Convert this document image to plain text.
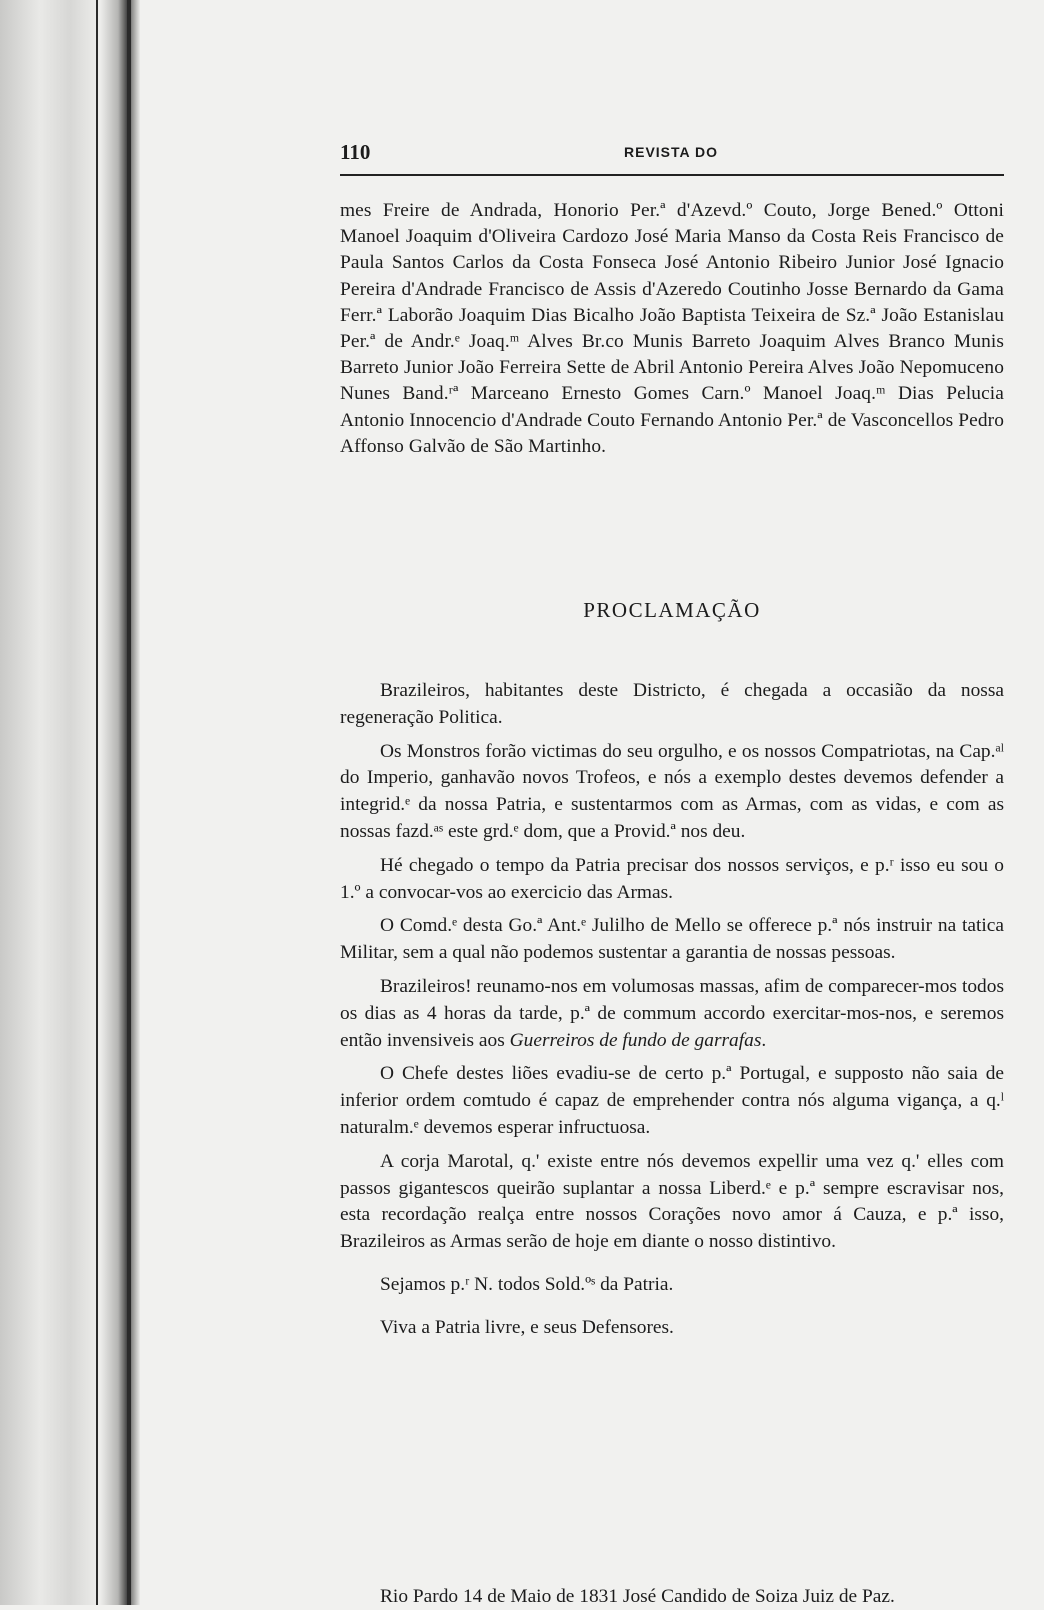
110	REVISTA DO
mes Freire de Andrada, Honorio Per.ª d'Azevd.º Couto, Jorge Bened.º Ottoni Manoel Joaquim d'Oliveira Cardozo José Maria Manso da Costa Reis Francisco de Paula Santos Carlos da Costa Fonseca José Antonio Ribeiro Junior José Ignacio Pereira d'Andrade Francisco de Assis d'Azeredo Coutinho Josse Bernardo da Gama Ferr.ª Laborão Joaquim Dias Bicalho João Baptista Teixeira de Sz.ª João Estanislau Per.ª de Andr.ᵉ Joaq.ᵐ Alves Br.co Munis Barreto Joaquim Alves Branco Munis Barreto Junior João Ferreira Sette de Abril Antonio Pereira Alves João Nepomuceno Nunes Band.ʳª Marceano Ernesto Gomes Carn.º Manoel Joaq.ᵐ Dias Pelucia Antonio Innocencio d'Andrade Couto Fernando Antonio Per.ª de Vasconcellos Pedro Affonso Galvão de São Martinho.
PROCLAMAÇÃO

Brazileiros, habitantes deste Districto, é chegada a occasião da nossa regeneração Politica.

Os Monstros forão victimas do seu orgulho, e os nossos Compatriotas, na Cap.ᵃˡ do Imperio, ganhavão novos Trofeos, e nós a exemplo destes devemos defender a integrid.ᵉ da nossa Patria, e sustentarmos com as Armas, com as vidas, e com as nossas fazd.ᵃˢ este grd.ᵉ dom, que a Provid.ª nos deu.

Hé chegado o tempo da Patria precisar dos nossos serviços, e p.ʳ isso eu sou o 1.º a convocar-vos ao exercicio das Armas.

O Comd.ᵉ desta Go.ª Ant.ᵉ Julilho de Mello se offerece p.ª nós instruir na tatica Militar, sem a qual não podemos sustentar a garantia de nossas pessoas.

Brazileiros! reunamo-nos em volumosas massas, afim de comparecer-mos todos os dias as 4 horas da tarde, p.ª de commum accordo exercitar-mos-nos, e seremos então invensiveis aos Guerreiros de fundo de garrafas.

O Chefe destes liões evadiu-se de certo p.ª Portugal, e supposto não saia de inferior ordem comtudo é capaz de emprehender contra nós alguma vigança, a q.ˡ naturalm.ᵉ devemos esperar infructuosa.

A corja Marotal, q.' existe entre nós devemos expellir uma vez q.' elles com passos gigantescos queirão suplantar a nossa Liberd.ᵉ e p.ª sempre escravisar nos, esta recordação realça entre nossos Corações novo amor á Cauza, e p.ª isso, Brazileiros as Armas serão de hoje em diante o nosso distintivo.

Sejamos p.ʳ N. todos Sold.ºˢ da Patria.

Viva a Patria livre, e seus Defensores.

Rio Pardo 14 de Maio de 1831 José Candido de Soiza Juiz de Paz.
